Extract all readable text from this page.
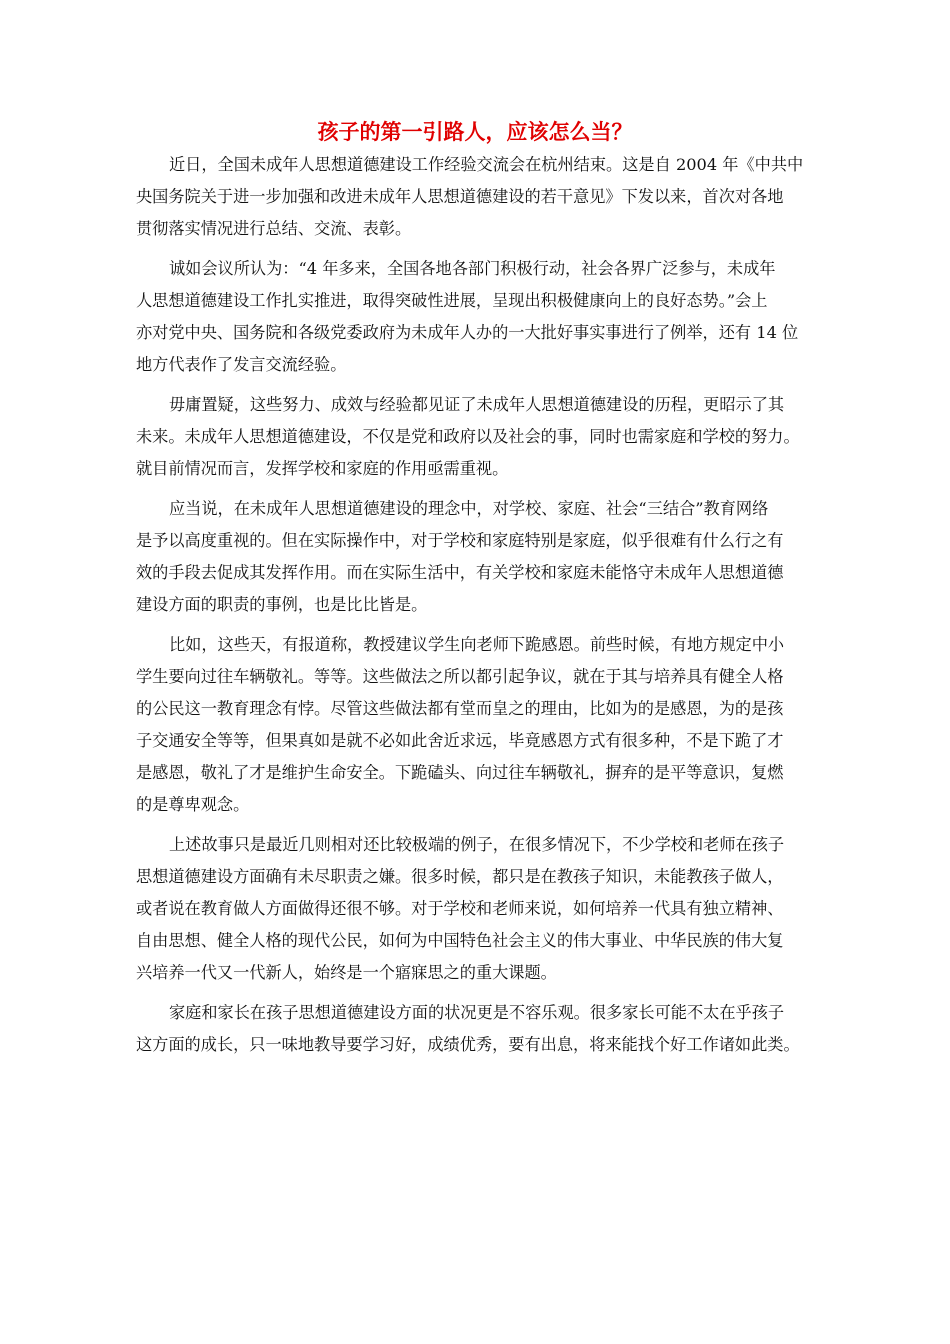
孩子的第一引路人，应该怎么当？
近日，全国未成年人思想道德建设工作经验交流会在杭州结束。这是自 2004 年《中共中
央国务院关于进一步加强和改进未成年人思想道德建设的若干意见》下发以来，首次对各地
贯彻落实情况进行总结、交流、表彰。
诚如会议所认为：“4 年多来，全国各地各部门积极行动，社会各界广泛参与，未成年
人思想道德建设工作扎实推进，取得突破性进展，呈现出积极健康向上的良好态势。”会上
亦对党中央、国务院和各级党委政府为未成年人办的一大批好事实事进行了例举，还有 14 位
地方代表作了发言交流经验。
毋庸置疑，这些努力、成效与经验都见证了未成年人思想道德建设的历程，更昭示了其
未来。未成年人思想道德建设，不仅是党和政府以及社会的事，同时也需家庭和学校的努力。
就目前情况而言，发挥学校和家庭的作用亟需重视。
应当说，在未成年人思想道德建设的理念中，对学校、家庭、社会“三结合”教育网络
是予以高度重视的。但在实际操作中，对于学校和家庭特别是家庭，似乎很难有什么行之有
效的手段去促成其发挥作用。而在实际生活中，有关学校和家庭未能恪守未成年人思想道德
建设方面的职责的事例，也是比比皆是。
比如，这些天，有报道称，教授建议学生向老师下跪感恩。前些时候，有地方规定中小
学生要向过往车辆敬礼。等等。这些做法之所以都引起争议，就在于其与培养具有健全人格
的公民这一教育理念有悖。尽管这些做法都有堂而皇之的理由，比如为的是感恩，为的是孩
子交通安全等等，但果真如是就不必如此舍近求远，毕竟感恩方式有很多种，不是下跪了才
是感恩，敬礼了才是维护生命安全。下跪磕头、向过往车辆敬礼，摒弃的是平等意识，复燃
的是尊卑观念。
上述故事只是最近几则相对还比较极端的例子，在很多情况下，不少学校和老师在孩子
思想道德建设方面确有未尽职责之嫌。很多时候，都只是在教孩子知识，未能教孩子做人，
或者说在教育做人方面做得还很不够。对于学校和老师来说，如何培养一代具有独立精神、
自由思想、健全人格的现代公民，如何为中国特色社会主义的伟大事业、中华民族的伟大复
兴培养一代又一代新人，始终是一个寤寐思之的重大课题。
家庭和家长在孩子思想道德建设方面的状况更是不容乐观。很多家长可能不太在乎孩子
这方面的成长，只一味地教导要学习好，成绩优秀，要有出息，将来能找个好工作诸如此类。
